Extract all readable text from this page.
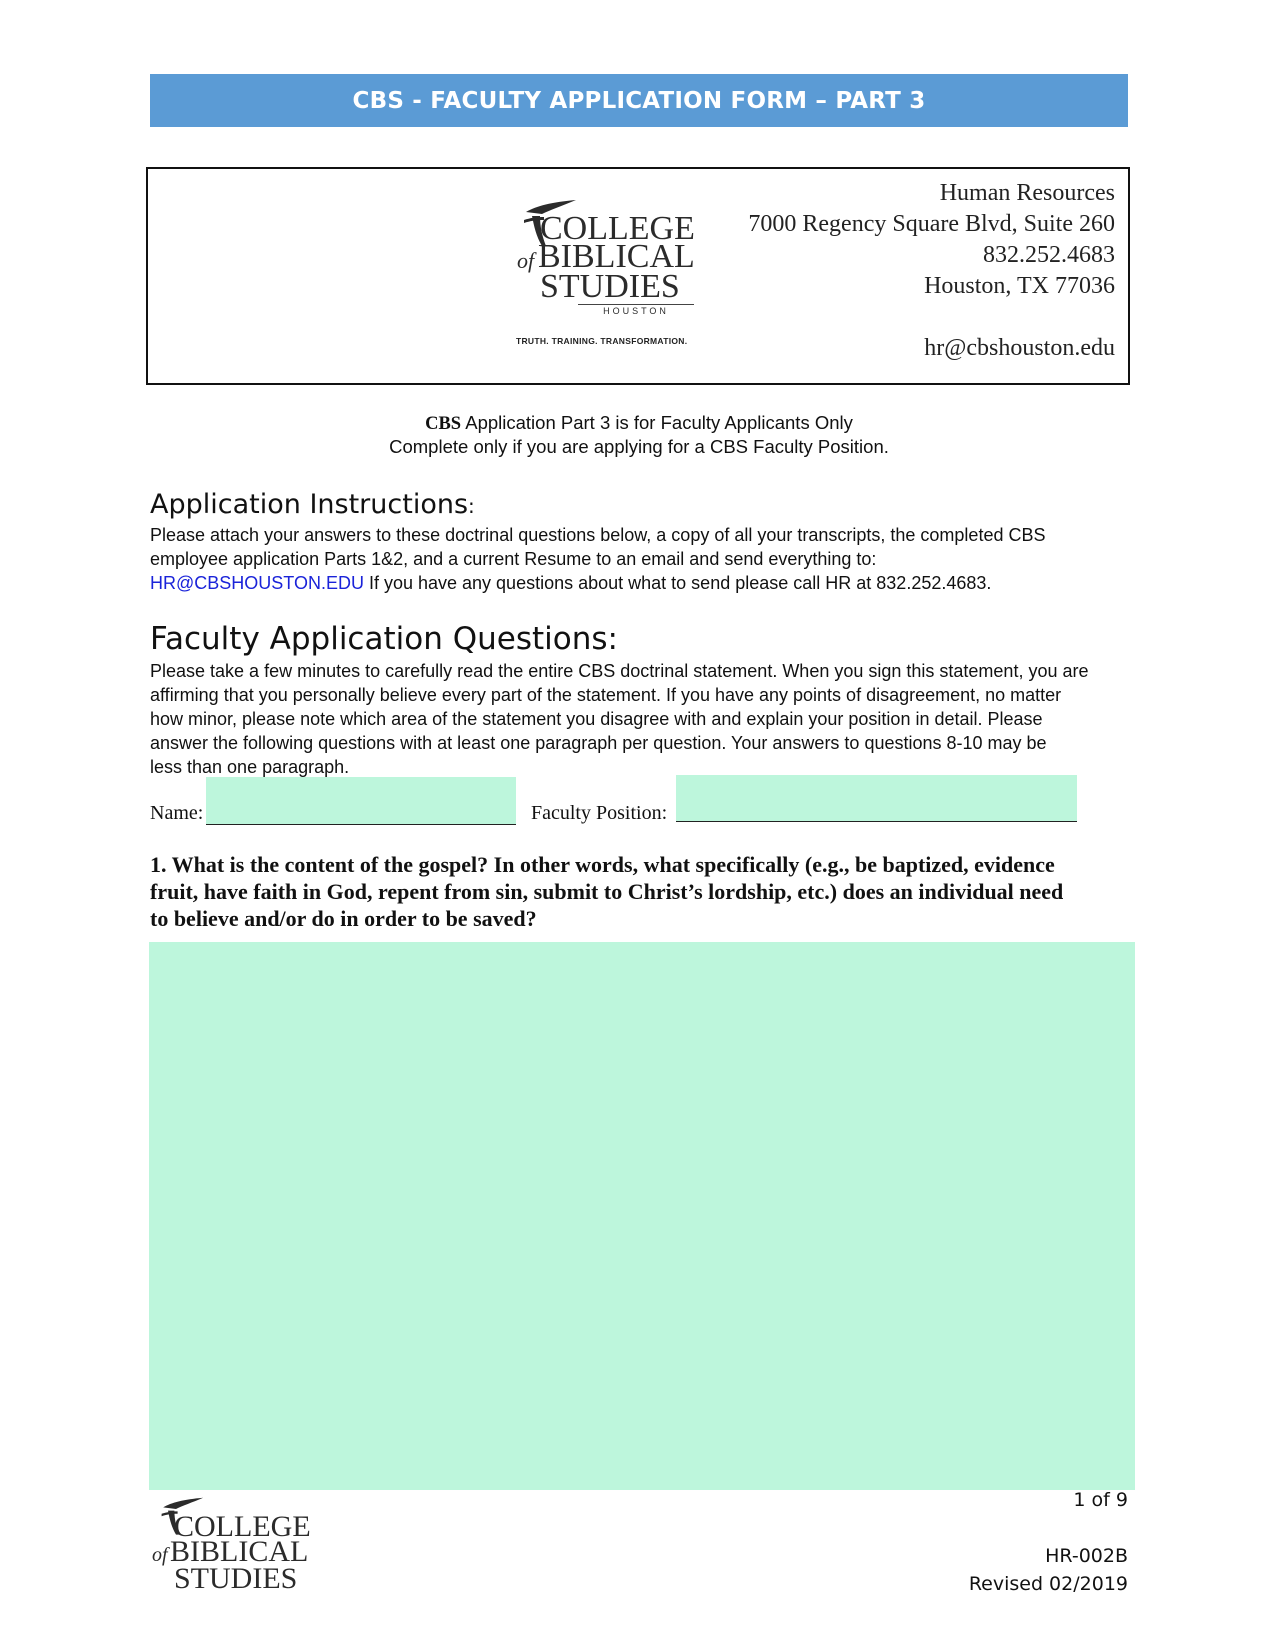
CBS - FACULTY APPLICATION FORM – PART 3
COLLEGE
of BIBLICAL
STUDIES
HOUSTON
TRUTH. TRAINING. TRANSFORMATION.
Human Resources
7000 Regency Square Blvd, Suite 260
832.252.4683
Houston, TX 77036
hr@cbshouston.edu
CBS Application Part 3 is for Faculty Applicants Only
Complete only if you are applying for a CBS Faculty Position.
Application Instructions:
Please attach your answers to these doctrinal questions below, a copy of all your transcripts, the completed CBS
employee application Parts 1&2, and a current Resume to an email and send everything to:
HR@CBSHOUSTON.EDU If you have any questions about what to send please call HR at 832.252.4683.
Faculty Application Questions:
Please take a few minutes to carefully read the entire CBS doctrinal statement. When you sign this statement, you are
affirming that you personally believe every part of the statement. If you have any points of disagreement, no matter
how minor, please note which area of the statement you disagree with and explain your position in detail. Please
answer the following questions with at least one paragraph per question. Your answers to questions 8-10 may be
less than one paragraph.
Name:	Faculty Position:
1. What is the content of the gospel? In other words, what specifically (e.g., be baptized, evidence
fruit, have faith in God, repent from sin, submit to Christ’s lordship, etc.) does an individual need
to believe and/or do in order to be saved?
1 of 9
HR-002B
Revised 02/2019
COLLEGE
of BIBLICAL
STUDIES
